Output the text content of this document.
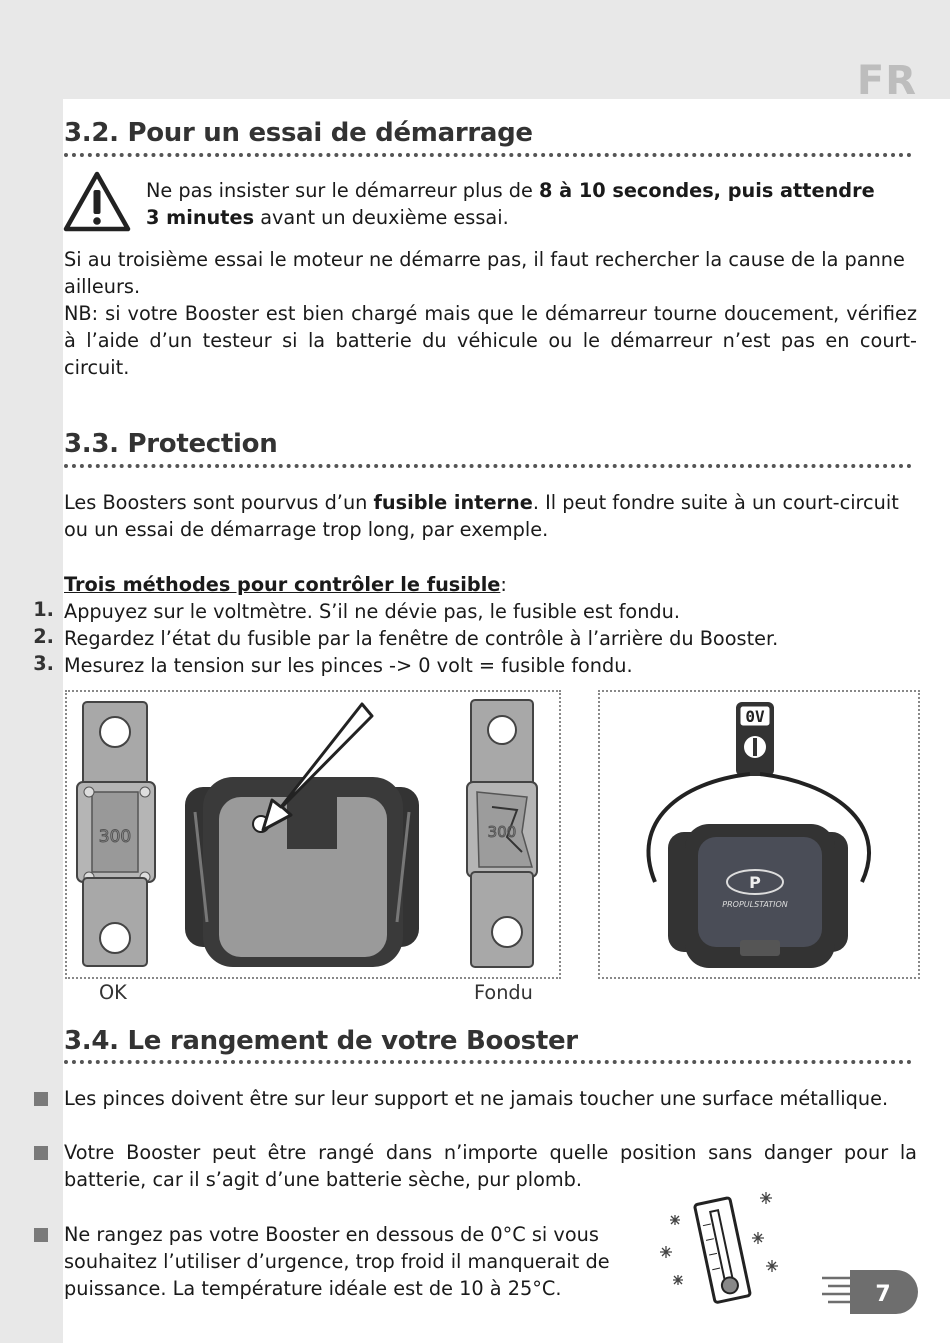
FR
3.2. Pour un essai de démarrage
Ne pas insister sur le démarreur plus de 8 à 10 secondes, puis attendre
3 minutes avant un deuxième essai.

Si au troisième essai le moteur ne démarre pas, il faut rechercher la cause de la panne ailleurs.

NB: si votre Booster est bien chargé mais que le démarreur tourne doucement, vérifiez à l’aide d’un testeur si la batterie du véhicule ou le démarreur n’est pas en court-circuit.

3.3. Protection

Les Boosters sont pourvus d’un fusible interne. Il peut fondre suite à un court-circuit ou un essai de démarrage trop long, par exemple.

Trois méthodes pour contrôler le fusible:

1. Appuyez sur le voltmètre. S’il ne dévie pas, le fusible est fondu.

2. Regardez l’état du fusible par la fenêtre de contrôle à l’arrière du Booster.

3. Mesurez la tension sur les pinces -> 0 volt = fusible fondu.

300	300
OK	Fondu
0V
P
PROPULSTATION
3.4. Le rangement de votre Booster

Les pinces doivent être sur leur support et ne jamais toucher une surface métallique.

Votre Booster peut être rangé dans n’importe quelle position sans danger pour la batterie, car il s’agit d’une batterie sèche, pur plomb.

Ne rangez pas votre Booster en dessous de 0°C si vous souhaitez l’utiliser d’urgence, trop froid il manquerait de puissance. La température idéale est de 10 à 25°C.	7
